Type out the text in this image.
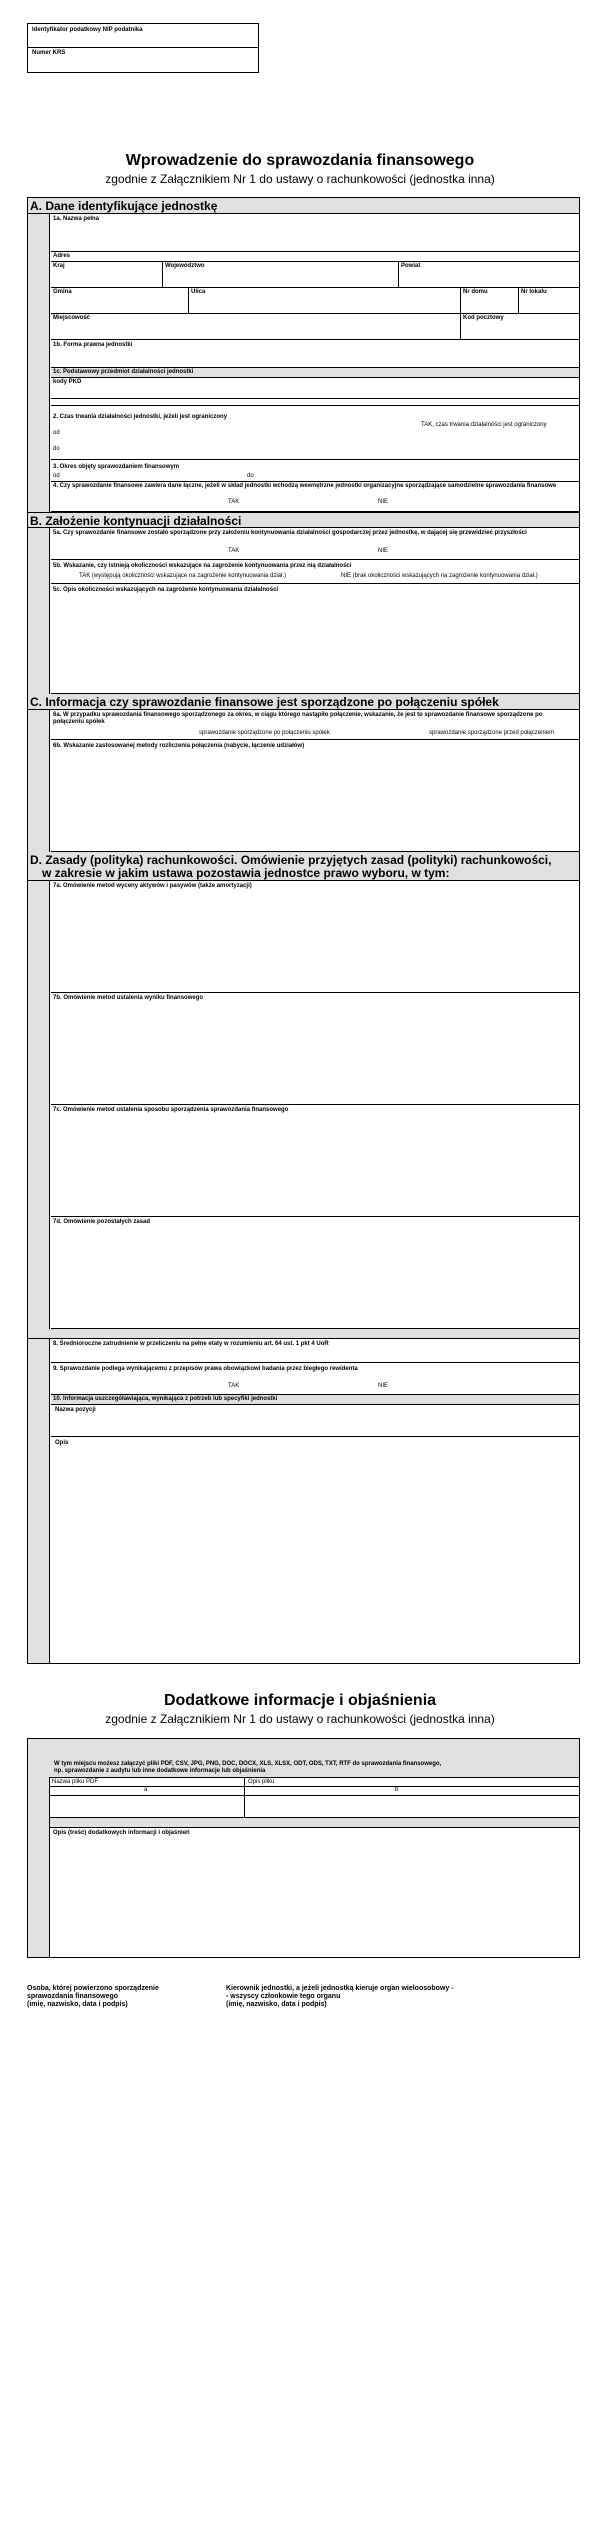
Identyfikator podatkowy NIP podatnika
Numer KRS
Wprowadzenie do sprawozdania finansowego
zgodnie z Załącznikiem Nr 1 do ustawy o rachunkowości (jednostka inna)
A. Dane identyfikujące jednostkę
1a. Nazwa pełna
Adres
Kraj	Województwo	Powiat
Gmina	Ulica	Nr domu	Nr lokalu
Miejscowość	Kod pocztowy
1b. Forma prawna jednostki
1c. Podstawowy przedmiot działalności jednostki
kody PKD
2. Czas trwania działalności jednostki, jeżeli jest ograniczony
TAK, czas trwania działalności jest ograniczony
od
do
3. Okres objęty sprawozdaniem finansowym
od	do
4. Czy sprawozdanie finansowe zawiera dane łączne, jeżeli w skład jednostki wchodzą wewnętrzne jednostki organizacyjne sporządzające samodzielne sprawozdania finansowe
TAK	NIE
B. Założenie kontynuacji działalności
5a. Czy sprawozdanie finansowe zostało sporządzone przy założeniu kontynuowania działalności gospodarczej przez jednostkę, w dającej się przewidzieć przyszłości
TAK	NIE
5b. Wskazanie, czy istnieją okoliczności wskazujące na zagrożenie kontynuowania przez nią działalności
TAK (występują okoliczności wskazujące na zagrożenie kontynuowania dział.)	NIE (brak okoliczności wskazujących na zagrożenie kontynuowania dział.)
5c. Opis okoliczności wskazujących na zagrożenie kontynuowania działalności
C. Informacja czy sprawozdanie finansowe jest sporządzone po połączeniu spółek
6a. W przypadku sprawozdania finansowego sporządzonego za okres, w ciągu którego nastąpiło połączenie, wskazanie, że jest to sprawozdanie finansowe sporządzone po połączeniu spółek
sprawozdanie sporządzone po połączeniu spółek	sprawozdanie sporządzone przed połączeniem
6b. Wskazanie zastosowanej metody rozliczenia połączenia (nabycie, łączenie udziałów)
D. Zasady (polityka) rachunkowości. Omówienie przyjętych zasad (polityki) rachunkowości,
w zakresie w jakim ustawa pozostawia jednostce prawo wyboru, w tym:
7a. Omówienie metod wyceny aktywów i pasywów (także amortyzacji)
7b. Omówienie metod ustalenia wyniku finansowego
7c. Omówienie metod ustalenia sposobu sporządzenia sprawozdania finansowego
7d. Omówienie pozostałych zasad
8. Średnioroczne zatrudnienie w przeliczeniu na pełne etaty w rozumieniu art. 64 ust. 1 pkt 4 UoR
9. Sprawozdanie podlega wynikającemu z przepisów prawa obowiązkowi badania przez biegłego rewidenta
TAK	NIE
10. Informacja uszczegóławiająca, wynikająca z potrzeb lub specyfiki jednostki
Nazwa pozycji
Opis
Dodatkowe informacje i objaśnienia
zgodnie z Załącznikiem Nr 1 do ustawy o rachunkowości (jednostka inna)
W tym miejscu możesz załączyć pliki PDF, CSV, JPG, PNG, DOC, DOCX, XLS, XLSX, ODT, ODS, TXT, RTF do sprawozdania finansowego,
np. sprawozdanie z audytu lub inne dodatkowe informacje lub objaśnienia
Nazwa pliku PDF	Opis pliku
a	b
Opis (treść) dodatkowych informacji i objaśnień
Osoba, której powierzono sporządzenie
sprawozdania finansowego
(imię, nazwisko, data i podpis)
Kierownik jednostki, a jeżeli jednostką kieruje organ wieloosobowy -
- wszyscy członkowie tego organu
(imię, nazwisko, data i podpis)
